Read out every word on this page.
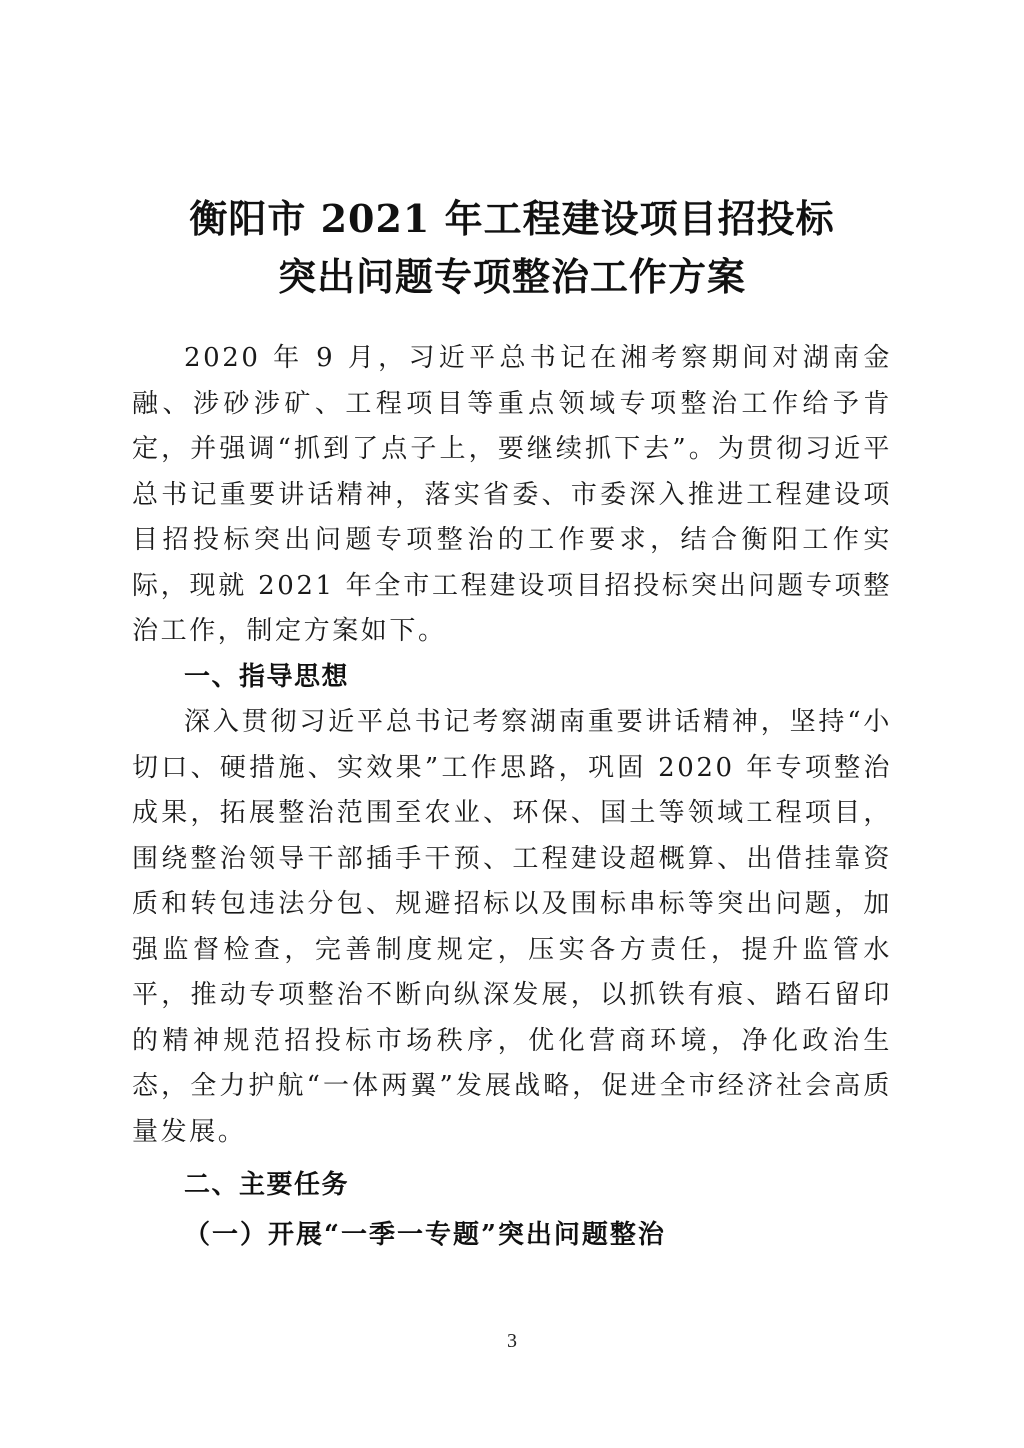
衡阳市 2021 年工程建设项目招投标
突出问题专项整治工作方案

2020 年 9 月，习近平总书记在湘考察期间对湖南金融、涉砂涉矿、工程项目等重点领域专项整治工作给予肯定，并强调“抓到了点子上，要继续抓下去”。为贯彻习近平总书记重要讲话精神，落实省委、市委深入推进工程建设项目招投标突出问题专项整治的工作要求，结合衡阳工作实际，现就 2021 年全市工程建设项目招投标突出问题专项整治工作，制定方案如下。

一、指导思想

深入贯彻习近平总书记考察湖南重要讲话精神，坚持“小切口、硬措施、实效果”工作思路，巩固 2020 年专项整治成果，拓展整治范围至农业、环保、国土等领域工程项目，围绕整治领导干部插手干预、工程建设超概算、出借挂靠资质和转包违法分包、规避招标以及围标串标等突出问题，加强监督检查，完善制度规定，压实各方责任，提升监管水平，推动专项整治不断向纵深发展，以抓铁有痕、踏石留印的精神规范招投标市场秩序，优化营商环境，净化政治生态，全力护航“一体两翼”发展战略，促进全市经济社会高质量发展。

二、主要任务

（一）开展“一季一专题”突出问题整治

3
